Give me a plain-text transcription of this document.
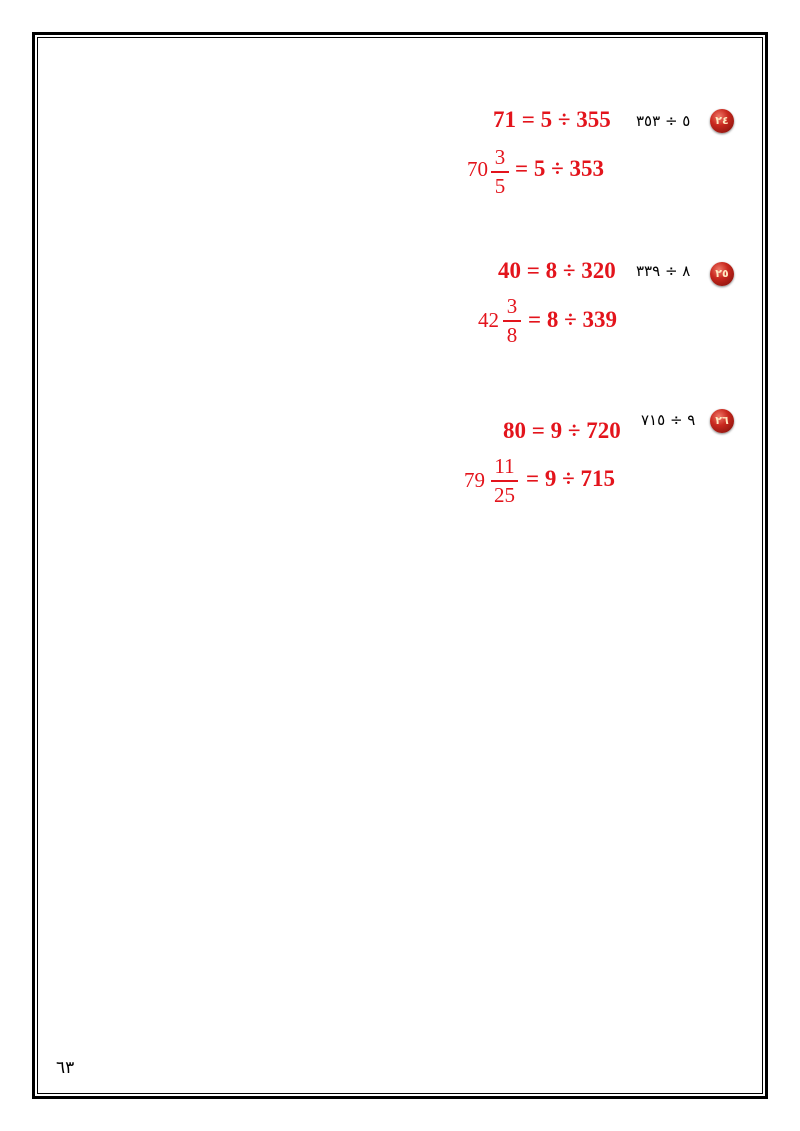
٢٤
٥ ÷ ٣٥٣
71 = 5 ÷ 355
70 3
5
= 5 ÷ 353
٢٥
٨ ÷ ٣٣٩
40 = 8 ÷ 320
42
3
8
= 8 ÷ 339
٢٦
٩ ÷ ٧١٥
80 = 9 ÷ 720
79
11
25
= 9 ÷ 715
٦٣
